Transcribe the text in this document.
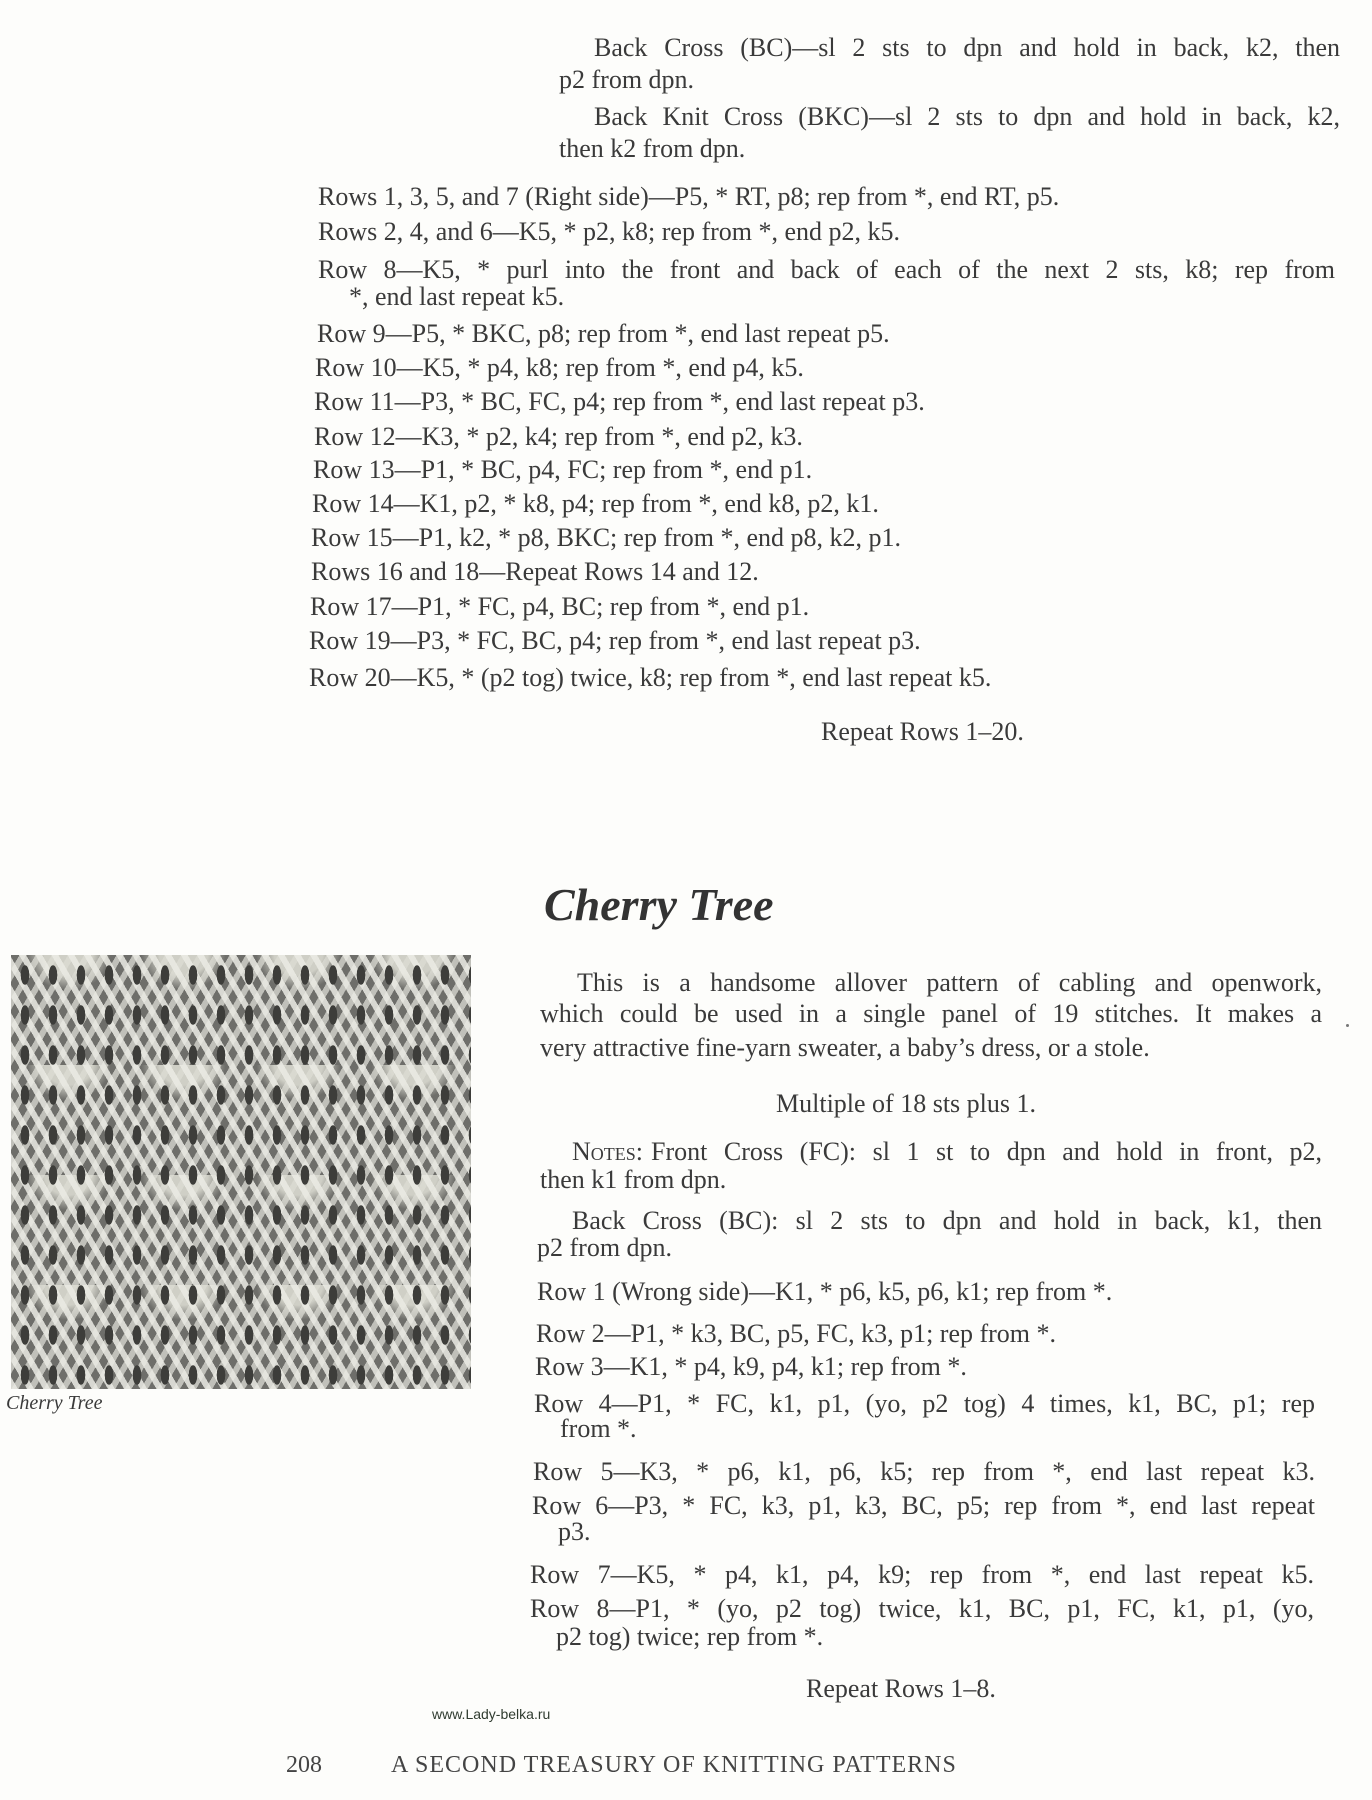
Back Cross (BC)—sl 2 sts to dpn and hold in back, k2, then
p2 from dpn.
Back Knit Cross (BKC)—sl 2 sts to dpn and hold in back, k2,
then k2 from dpn.
Rows 1, 3, 5, and 7 (Right side)—P5, * RT, p8; rep from *, end RT, p5.
Rows 2, 4, and 6—K5, * p2, k8; rep from *, end p2, k5.
Row 8—K5, * purl into the front and back of each of the next 2 sts, k8; rep from
*, end last repeat k5.
Row 9—P5, * BKC, p8; rep from *, end last repeat p5.
Row 10—K5, * p4, k8; rep from *, end p4, k5.
Row 11—P3, * BC, FC, p4; rep from *, end last repeat p3.
Row 12—K3, * p2, k4; rep from *, end p2, k3.
Row 13—P1, * BC, p4, FC; rep from *, end p1.
Row 14—K1, p2, * k8, p4; rep from *, end k8, p2, k1.
Row 15—P1, k2, * p8, BKC; rep from *, end p8, k2, p1.
Rows 16 and 18—Repeat Rows 14 and 12.
Row 17—P1, * FC, p4, BC; rep from *, end p1.
Row 19—P3, * FC, BC, p4; rep from *, end last repeat p3.
Row 20—K5, * (p2 tog) twice, k8; rep from *, end last repeat k5.
Repeat Rows 1–20.
Cherry Tree
Cherry Tree
This is a handsome allover pattern of cabling and openwork,
which could be used in a single panel of 19 stitches. It makes a
very attractive fine-yarn sweater, a baby’s dress, or a stole.
Multiple of 18 sts plus 1.
Notes: Front Cross (FC): sl 1 st to dpn and hold in front, p2,
then k1 from dpn.
Back Cross (BC): sl 2 sts to dpn and hold in back, k1, then
p2 from dpn.
Row 1 (Wrong side)—K1, * p6, k5, p6, k1; rep from *.
Row 2—P1, * k3, BC, p5, FC, k3, p1; rep from *.
Row 3—K1, * p4, k9, p4, k1; rep from *.
Row 4—P1, * FC, k1, p1, (yo, p2 tog) 4 times, k1, BC, p1; rep
from *.
Row 5—K3, * p6, k1, p6, k5; rep from *, end last repeat k3.
Row 6—P3, * FC, k3, p1, k3, BC, p5; rep from *, end last repeat
p3.
Row 7—K5, * p4, k1, p4, k9; rep from *, end last repeat k5.
Row 8—P1, * (yo, p2 tog) twice, k1, BC, p1, FC, k1, p1, (yo,
p2 tog) twice; rep from *.
Repeat Rows 1–8.
www.Lady-belka.ru
208	A SECOND TREASURY OF KNITTING PATTERNS
